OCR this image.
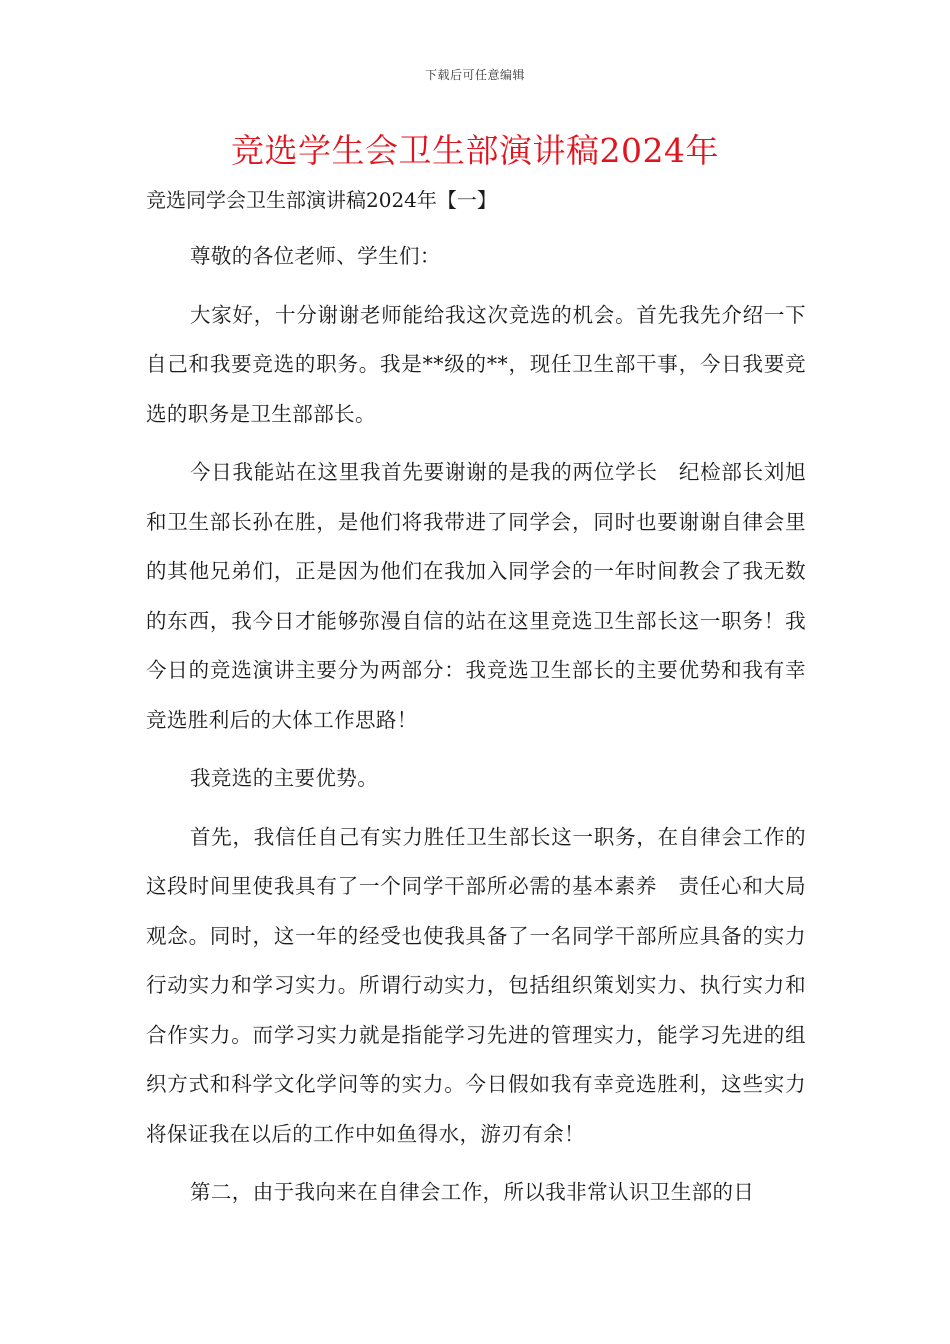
下载后可任意编辑
竞选学生会卫生部演讲稿2024年
竞选同学会卫生部演讲稿2024年【一】

尊敬的各位老师、学生们：

大家好，十分谢谢老师能给我这次竞选的机会。首先我先介绍一下自己和我要竞选的职务。我是**级的**，现任卫生部干事，今日我要竞选的职务是卫生部部长。

今日我能站在这里我首先要谢谢的是我的两位学长　纪检部长刘旭和卫生部长孙在胜，是他们将我带进了同学会，同时也要谢谢自律会里的其他兄弟们，正是因为他们在我加入同学会的一年时间教会了我无数的东西，我今日才能够弥漫自信的站在这里竞选卫生部长这一职务！我今日的竞选演讲主要分为两部分：我竞选卫生部长的主要优势和我有幸竞选胜利后的大体工作思路！

我竞选的主要优势。

首先，我信任自己有实力胜任卫生部长这一职务，在自律会工作的这段时间里使我具有了一个同学干部所必需的基本素养　责任心和大局观念。同时，这一年的经受也使我具备了一名同学干部所应具备的实力　行动实力和学习实力。所谓行动实力，包括组织策划实力、执行实力和合作实力。而学习实力就是指能学习先进的管理实力，能学习先进的组织方式和科学文化学问等的实力。今日假如我有幸竞选胜利，这些实力将保证我在以后的工作中如鱼得水，游刃有余！

第二，由于我向来在自律会工作，所以我非常认识卫生部的日
